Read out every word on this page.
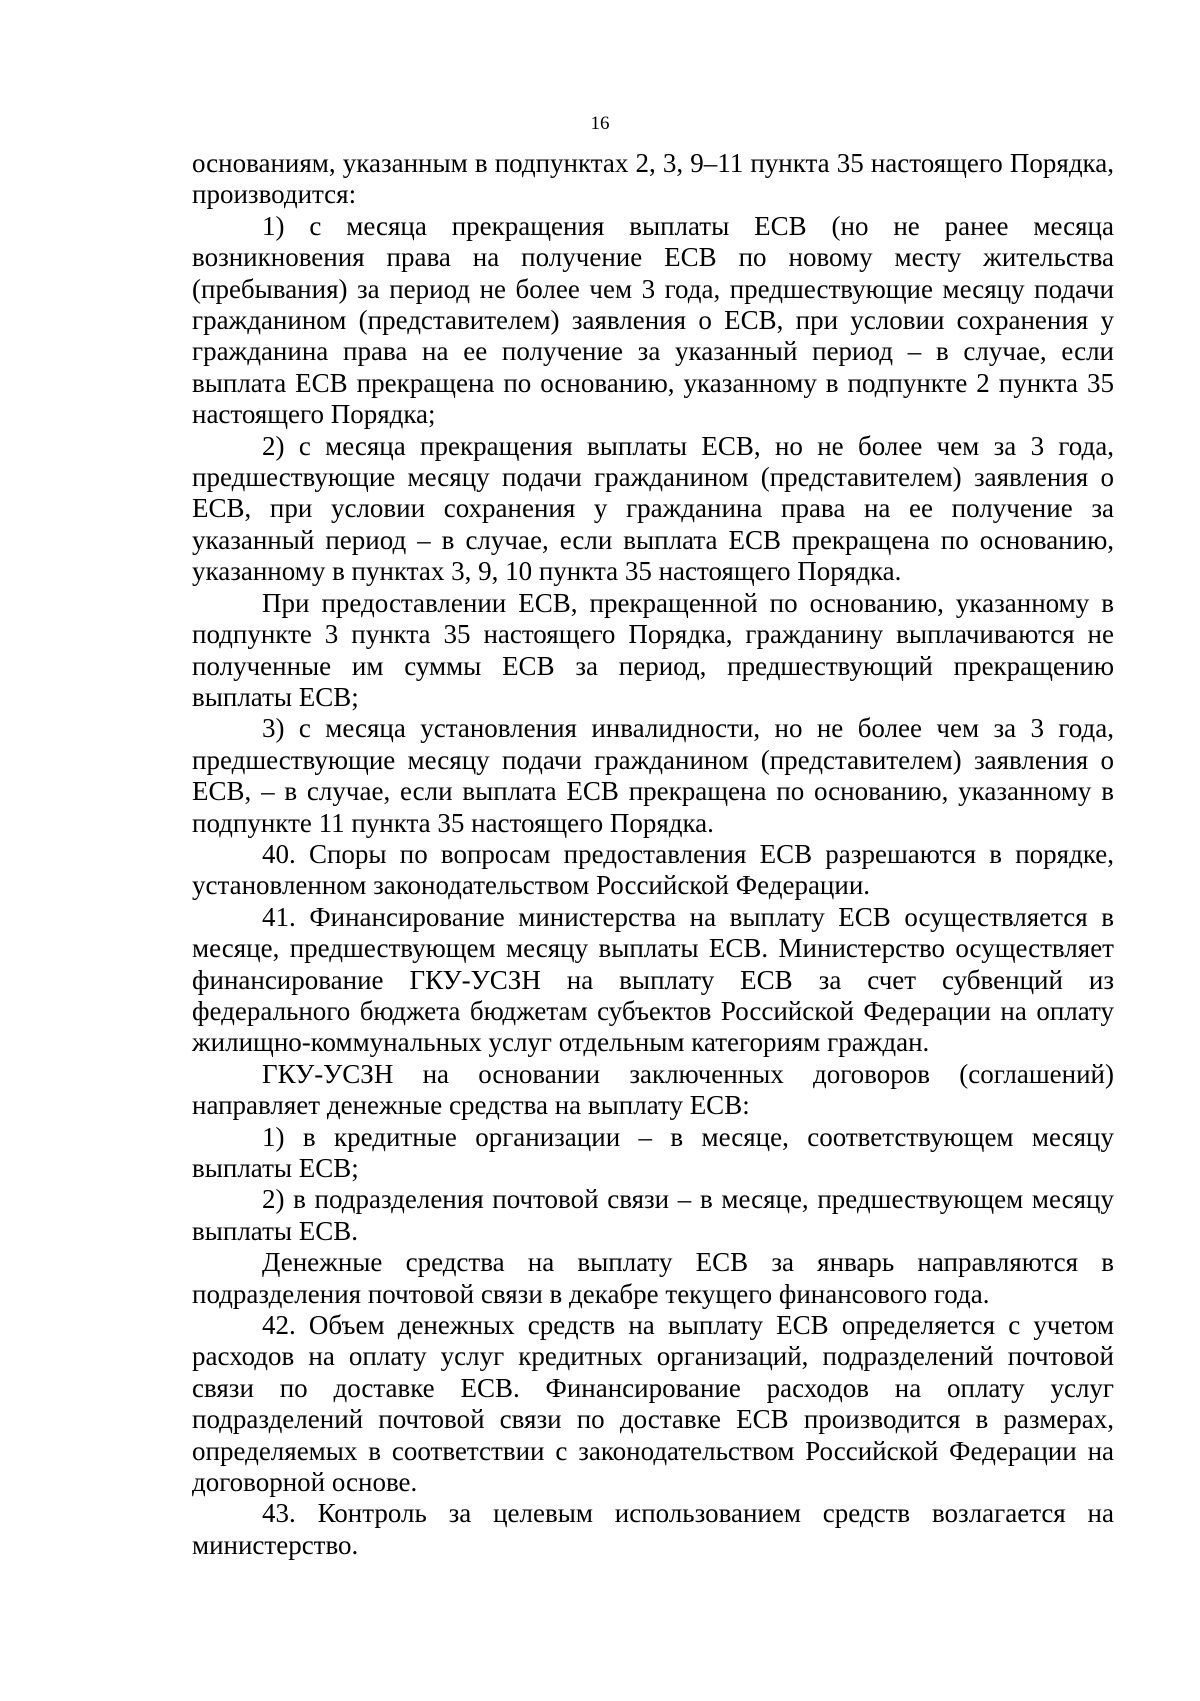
16

основаниям, указанным в подпунктах 2, 3, 9–11 пункта 35 настоящего Порядка, производится:

1) с месяца прекращения выплаты ЕСВ (но не ранее месяца возникновения права на получение ЕСВ по новому месту жительства (пребывания) за период не более чем 3 года, предшествующие месяцу подачи гражданином (представителем) заявления о ЕСВ, при условии сохранения у гражданина права на ее получение за указанный период – в случае, если выплата ЕСВ прекращена по основанию, указанному в подпункте 2 пункта 35 настоящего Порядка;

2) с месяца прекращения выплаты ЕСВ, но не более чем за 3 года, предшествующие месяцу подачи гражданином (представителем) заявления о ЕСВ, при условии сохранения у гражданина права на ее получение за указанный период – в случае, если выплата ЕСВ прекращена по основанию, указанному в пунктах 3, 9, 10 пункта 35 настоящего Порядка.

При предоставлении ЕСВ, прекращенной по основанию, указанному в подпункте 3 пункта 35 настоящего Порядка, гражданину выплачиваются не полученные им суммы ЕСВ за период, предшествующий прекращению выплаты ЕСВ;

3) с месяца установления инвалидности, но не более чем за 3 года, предшествующие месяцу подачи гражданином (представителем) заявления о ЕСВ, – в случае, если выплата ЕСВ прекращена по основанию, указанному в подпункте 11 пункта 35 настоящего Порядка.

40. Споры по вопросам предоставления ЕСВ разрешаются в порядке, установленном законодательством Российской Федерации.

41. Финансирование министерства на выплату ЕСВ осуществляется в месяце, предшествующем месяцу выплаты ЕСВ. Министерство осуществляет финансирование ГКУ-УСЗН на выплату ЕСВ за счет субвенций из федерального бюджета бюджетам субъектов Российской Федерации на оплату жилищно-коммунальных услуг отдельным категориям граждан.

ГКУ-УСЗН на основании заключенных договоров (соглашений) направляет денежные средства на выплату ЕСВ:

1) в кредитные организации – в месяце, соответствующем месяцу выплаты ЕСВ;

2) в подразделения почтовой связи – в месяце, предшествующем месяцу выплаты ЕСВ.

Денежные средства на выплату ЕСВ за январь направляются в подразделения почтовой связи в декабре текущего финансового года.

42. Объем денежных средств на выплату ЕСВ определяется с учетом расходов на оплату услуг кредитных организаций, подразделений почтовой связи по доставке ЕСВ. Финансирование расходов на оплату услуг подразделений почтовой связи по доставке ЕСВ производится в размерах, определяемых в соответствии с законодательством Российской Федерации на договорной основе.

43. Контроль за целевым использованием средств возлагается на министерство.
